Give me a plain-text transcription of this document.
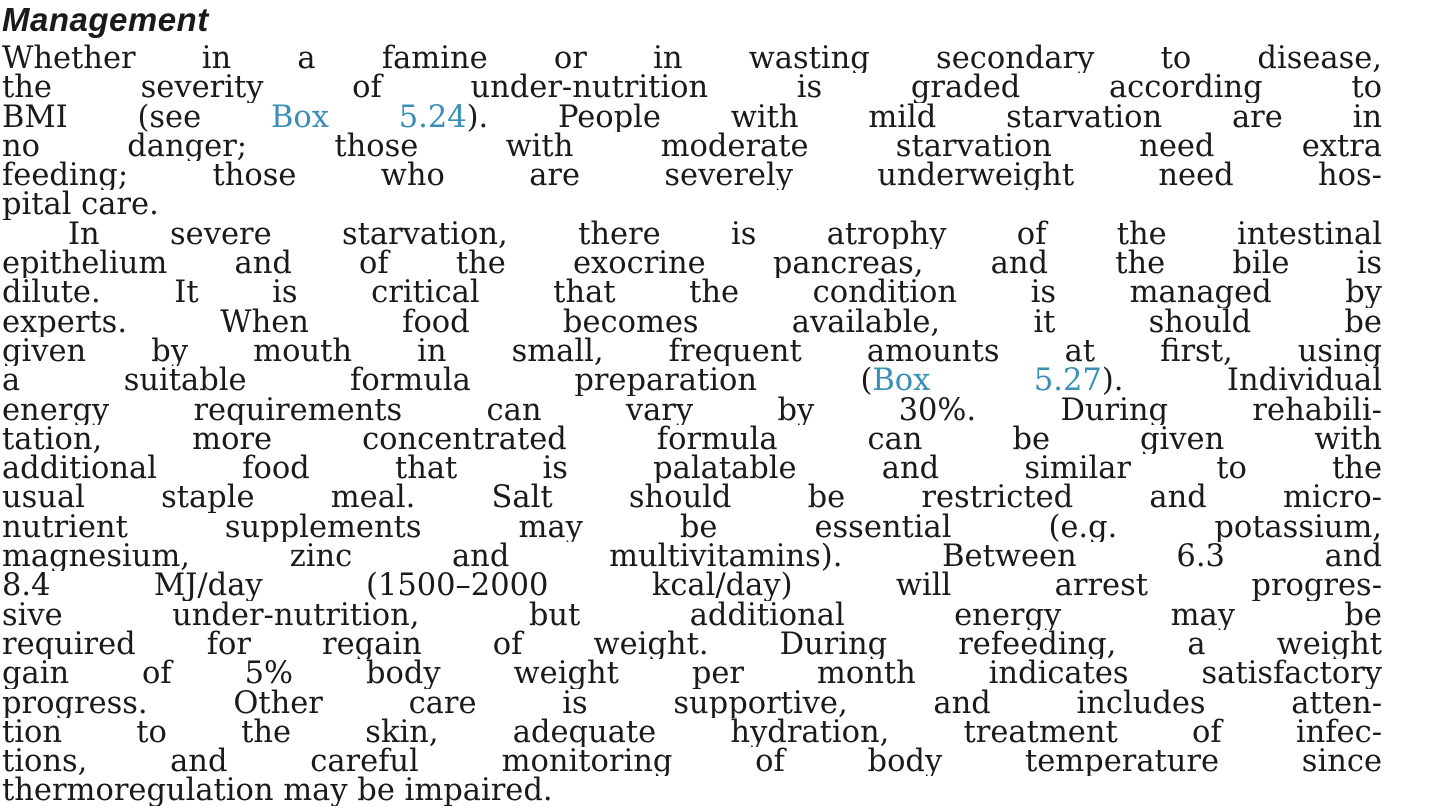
Management
Whether in a famine or in wasting secondary to disease,
the severity of under-nutrition is graded according to
BMI (see Box 5.24). People with mild starvation are in
no danger; those with moderate starvation need extra
feeding; those who are severely underweight need hos-
pital care.
In severe starvation, there is atrophy of the intestinal
epithelium and of the exocrine pancreas, and the bile is
dilute. It is critical that the condition is managed by
experts. When food becomes available, it should be
given by mouth in small, frequent amounts at first, using
a suitable formula preparation (Box 5.27). Individual
energy requirements can vary by 30%. During rehabili-
tation, more concentrated formula can be given with
additional food that is palatable and similar to the
usual staple meal. Salt should be restricted and micro-
nutrient supplements may be essential (e.g. potassium,
magnesium, zinc and multivitamins). Between 6.3 and
8.4 MJ/day (1500–2000 kcal/day) will arrest progres-
sive under-nutrition, but additional energy may be
required for regain of weight. During refeeding, a weight
gain of 5% body weight per month indicates satisfactory
progress. Other care is supportive, and includes atten-
tion to the skin, adequate hydration, treatment of infec-
tions, and careful monitoring of body temperature since
thermoregulation may be impaired.
